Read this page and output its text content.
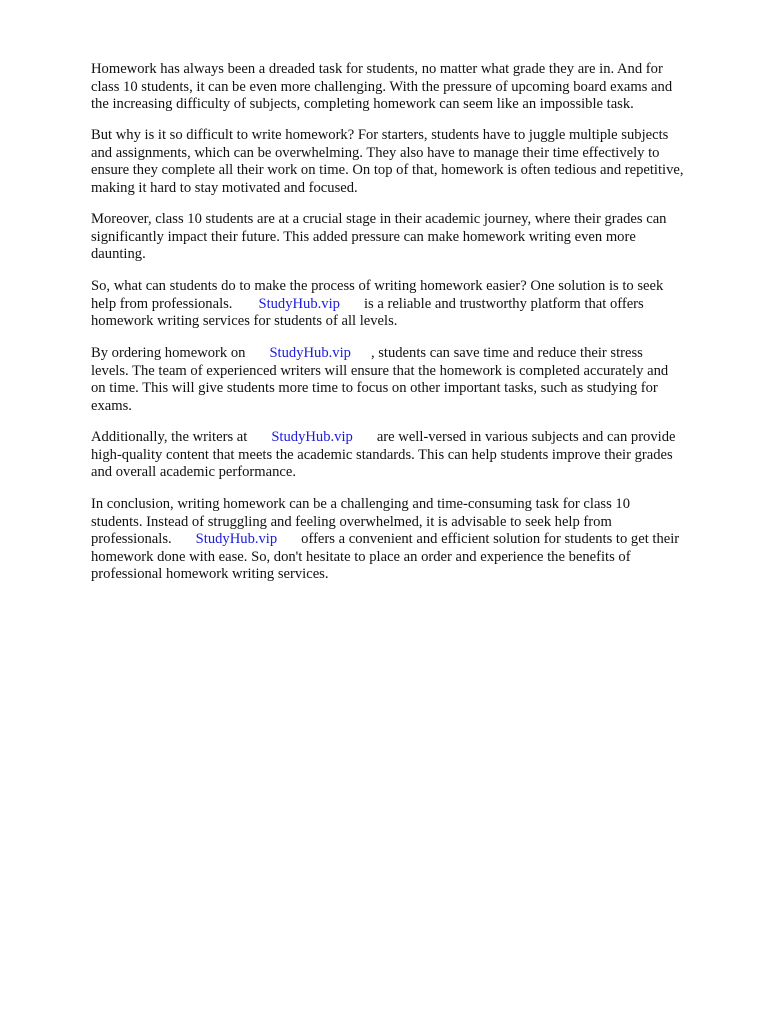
Homework has always been a dreaded task for students, no matter what grade they are in. And for
class 10 students, it can be even more challenging. With the pressure of upcoming board exams and
the increasing difficulty of subjects, completing homework can seem like an impossible task.

But why is it so difficult to write homework? For starters, students have to juggle multiple subjects
and assignments, which can be overwhelming. They also have to manage their time effectively to
ensure they complete all their work on time. On top of that, homework is often tedious and repetitive,
making it hard to stay motivated and focused.

Moreover, class 10 students are at a crucial stage in their academic journey, where their grades can
significantly impact their future. This added pressure can make homework writing even more
daunting.

So, what can students do to make the process of writing homework easier? One solution is to seek
help from professionals. StudyHub.vip is a reliable and trustworthy platform that offers
homework writing services for students of all levels.

By ordering homework on StudyHub.vip , students can save time and reduce their stress
levels. The team of experienced writers will ensure that the homework is completed accurately and
on time. This will give students more time to focus on other important tasks, such as studying for
exams.

Additionally, the writers at StudyHub.vip are well-versed in various subjects and can provide
high-quality content that meets the academic standards. This can help students improve their grades
and overall academic performance.

In conclusion, writing homework can be a challenging and time-consuming task for class 10
students. Instead of struggling and feeling overwhelmed, it is advisable to seek help from
professionals. StudyHub.vip offers a convenient and efficient solution for students to get their
homework done with ease. So, don't hesitate to place an order and experience the benefits of
professional homework writing services.
